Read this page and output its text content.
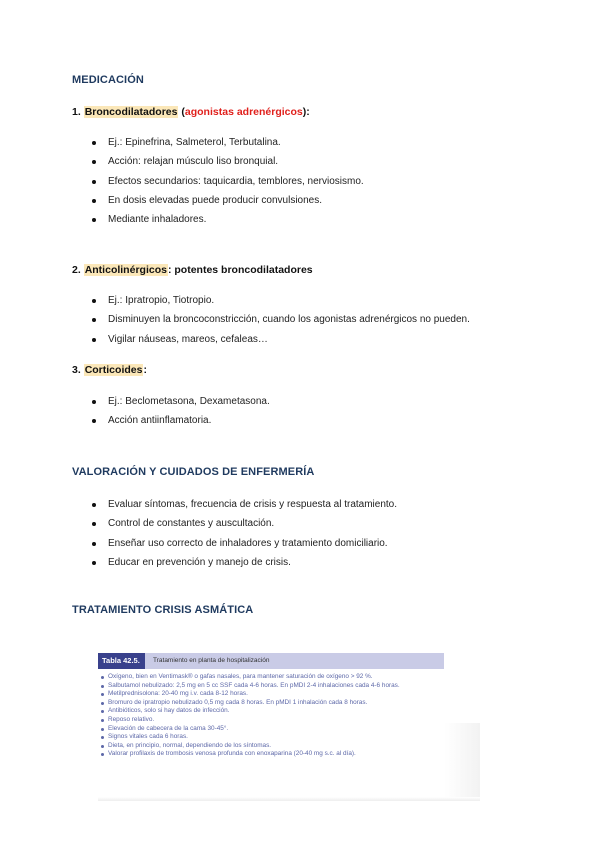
MEDICACIÓN
1. Broncodilatadores (agonistas adrenérgicos):
Ej.: Epinefrina, Salmeterol, Terbutalina.
Acción: relajan músculo liso bronquial.
Efectos secundarios: taquicardia, temblores, nerviosismo.
En dosis elevadas puede producir convulsiones.
Mediante inhaladores.
2. Anticolinérgicos: potentes broncodilatadores
Ej.: Ipratropio, Tiotropio.
Disminuyen la broncoconstricción, cuando los agonistas adrenérgicos no pueden.
Vigilar náuseas, mareos, cefaleas…
3. Corticoides:
Ej.: Beclometasona, Dexametasona.
Acción antiinflamatoria.
VALORACIÓN Y CUIDADOS DE ENFERMERÍA
Evaluar síntomas, frecuencia de crisis y respuesta al tratamiento.
Control de constantes y auscultación.
Enseñar uso correcto de inhaladores y tratamiento domiciliario.
Educar en prevención y manejo de crisis.
TRATAMIENTO CRISIS ASMÁTICA
Tabla 42.5.	Tratamiento en planta de hospitalización
Oxígeno, bien en Ventimask® o gafas nasales, para mantener saturación de oxígeno > 92 %.
Salbutamol nebulizado: 2,5 mg en 5 cc SSF cada 4-6 horas. En pMDI 2-4 inhalaciones cada 4-6 horas.
Metilprednisolona: 20-40 mg i.v. cada 8-12 horas.
Bromuro de ipratropio nebulizado 0,5 mg cada 8 horas. En pMDI 1 inhalación cada 8 horas.
Antibióticos, solo si hay datos de infección.
Reposo relativo.
Elevación de cabecera de la cama 30-45°.
Signos vitales cada 6 horas.
Dieta, en principio, normal, dependiendo de los síntomas.
Valorar profilaxis de trombosis venosa profunda con enoxaparina (20-40 mg s.c. al día).
